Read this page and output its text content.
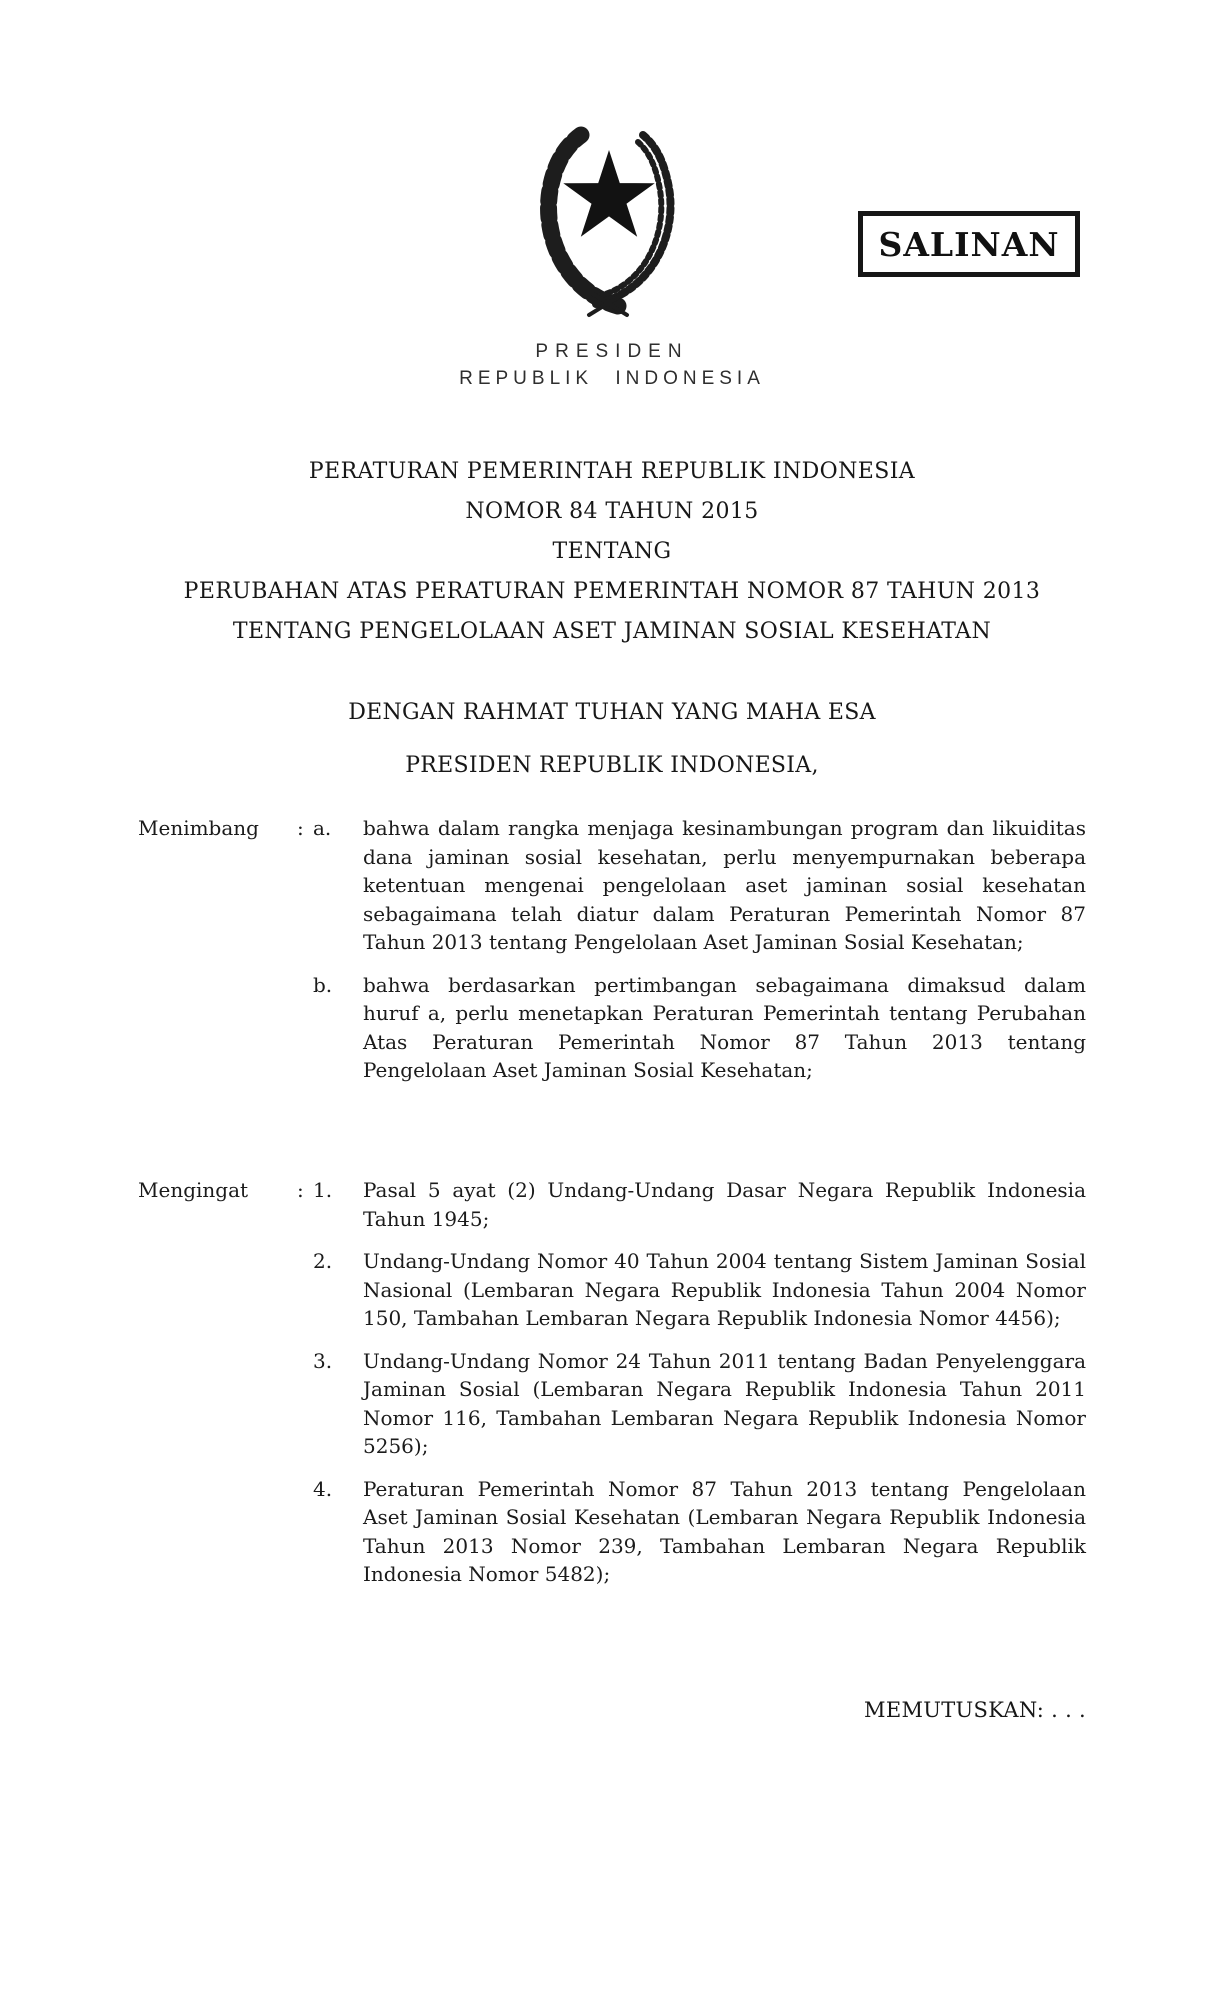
SALINAN
PRESIDEN
REPUBLIK INDONESIA
PERATURAN PEMERINTAH REPUBLIK INDONESIA
NOMOR 84 TAHUN 2015
TENTANG
PERUBAHAN ATAS PERATURAN PEMERINTAH NOMOR 87 TAHUN 2013
TENTANG PENGELOLAAN ASET JAMINAN SOSIAL KESEHATAN
DENGAN RAHMAT TUHAN YANG MAHA ESA
PRESIDEN REPUBLIK INDONESIA,
Menimbang	: a.	bahwa dalam rangka menjaga kesinambungan program dan likuiditas dana jaminan sosial kesehatan, perlu menyempurnakan beberapa ketentuan mengenai pengelolaan aset jaminan sosial kesehatan sebagaimana telah diatur dalam Peraturan Pemerintah Nomor 87 Tahun 2013 tentang Pengelolaan Aset Jaminan Sosial Kesehatan;
b.	bahwa berdasarkan pertimbangan sebagaimana dimaksud dalam huruf a, perlu menetapkan Peraturan Pemerintah tentang Perubahan Atas Peraturan Pemerintah Nomor 87 Tahun 2013 tentang Pengelolaan Aset Jaminan Sosial Kesehatan;
Mengingat	: 1.	Pasal 5 ayat (2) Undang-Undang Dasar Negara Republik Indonesia Tahun 1945;
2.	Undang-Undang Nomor 40 Tahun 2004 tentang Sistem Jaminan Sosial Nasional (Lembaran Negara Republik Indonesia Tahun 2004 Nomor 150, Tambahan Lembaran Negara Republik Indonesia Nomor 4456);
3.	Undang-Undang Nomor 24 Tahun 2011 tentang Badan Penyelenggara Jaminan Sosial (Lembaran Negara Republik Indonesia Tahun 2011 Nomor 116, Tambahan Lembaran Negara Republik Indonesia Nomor 5256);
4.	Peraturan Pemerintah Nomor 87 Tahun 2013 tentang Pengelolaan Aset Jaminan Sosial Kesehatan (Lembaran Negara Republik Indonesia Tahun 2013 Nomor 239, Tambahan Lembaran Negara Republik Indonesia Nomor 5482);
MEMUTUSKAN: . . .
